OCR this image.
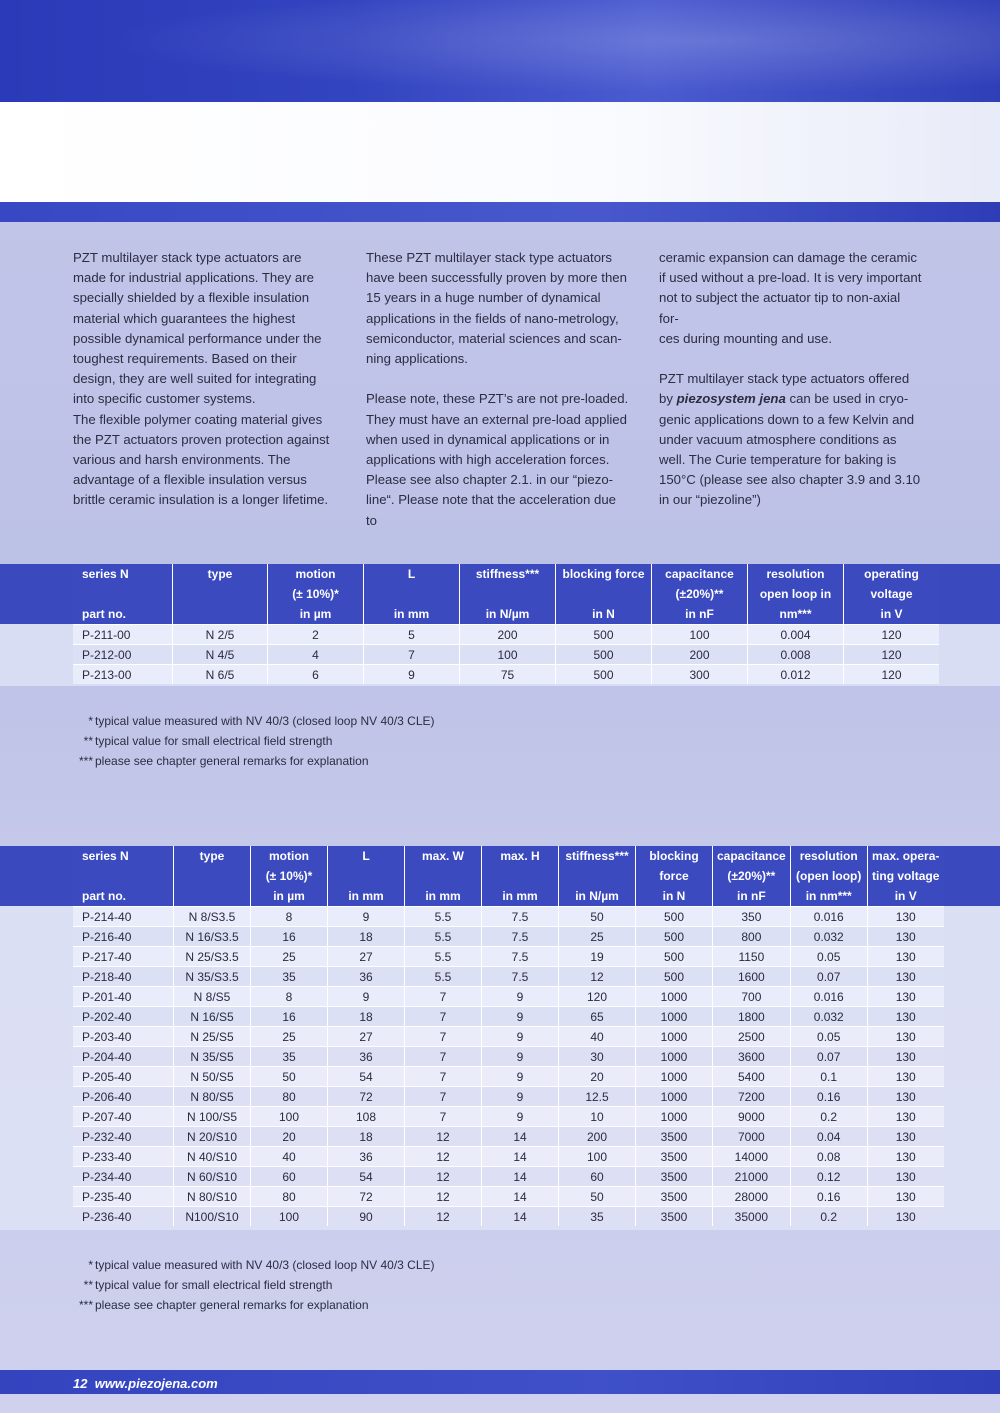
PZT multilayer stack type actuators are
made for industrial applications. They are
specially shielded by a flexible insulation
material which guarantees the highest
possible dynamical performance under the
toughest requirements. Based on their
design, they are well suited for integrating
into specific customer systems.

The flexible polymer coating material gives
the PZT actuators proven protection against
various and harsh environments. The
advantage of a flexible insulation versus
brittle ceramic insulation is a longer lifetime.

These PZT multilayer stack type actuators
have been successfully proven by more then
15 years in a huge number of dynamical
applications in the fields of nano-metrology,
semiconductor, material sciences and scan-
ning applications.

Please note, these PZT’s are not pre-loaded.
They must have an external pre-load applied
when used in dynamical applications or in
applications with high acceleration forces.
Please see also chapter 2.1. in our “piezo-
line“. Please note that the acceleration due to

ceramic expansion can damage the ceramic
if used without a pre-load. It is very important
not to subject the actuator tip to non-axial for-
ces during mounting and use.

PZT multilayer stack type actuators offered
by piezosystem jena can be used in cryo-
genic applications down to a few Kelvin and
under vacuum atmosphere conditions as
well. The Curie temperature for baking is
150°C (please see also chapter 3.9 and 3.10
in our “piezoline”)

series N	type	motion	L	stiffness***	blocking force	capacitance	resolution	operating
		(± 10%)*				(±20%)**	open loop in	voltage
part no.		in µm	in mm	in N/µm	in N	in nF	nm***	in V
P-211-00	N 2/5	2	5	200	500	100	0.004	120
P-212-00	N 4/5	4	7	100	500	200	0.008	120
P-213-00	N 6/5	6	9	75	500	300	0.012	120
* typical value measured with NV 40/3 (closed loop NV 40/3 CLE)
** typical value for small electrical field strength
*** please see chapter general remarks for explanation
series N	type	motion	L	max. W	max. H	stiffness***	blocking	capacitance	resolution	max. opera-
		(± 10%)*					force	(±20%)**	(open loop)	ting voltage
part no.		in µm	in mm	in mm	in mm	in N/µm	in N	in nF	in nm***	in V
P-214-40	N 8/S3.5	8	9	5.5	7.5	50	500	350	0.016	130
P-216-40	N 16/S3.5	16	18	5.5	7.5	25	500	800	0.032	130
P-217-40	N 25/S3.5	25	27	5.5	7.5	19	500	1150	0.05	130
P-218-40	N 35/S3.5	35	36	5.5	7.5	12	500	1600	0.07	130
P-201-40	N 8/S5	8	9	7	9	120	1000	700	0.016	130
P-202-40	N 16/S5	16	18	7	9	65	1000	1800	0.032	130
P-203-40	N 25/S5	25	27	7	9	40	1000	2500	0.05	130
P-204-40	N 35/S5	35	36	7	9	30	1000	3600	0.07	130
P-205-40	N 50/S5	50	54	7	9	20	1000	5400	0.1	130
P-206-40	N 80/S5	80	72	7	9	12.5	1000	7200	0.16	130
P-207-40	N 100/S5	100	108	7	9	10	1000	9000	0.2	130
P-232-40	N 20/S10	20	18	12	14	200	3500	7000	0.04	130
P-233-40	N 40/S10	40	36	12	14	100	3500	14000	0.08	130
P-234-40	N 60/S10	60	54	12	14	60	3500	21000	0.12	130
P-235-40	N 80/S10	80	72	12	14	50	3500	28000	0.16	130
P-236-40	N100/S10	100	90	12	14	35	3500	35000	0.2	130
* typical value measured with NV 40/3 (closed loop NV 40/3 CLE)
** typical value for small electrical field strength
*** please see chapter general remarks for explanation
12 www.piezojena.com
